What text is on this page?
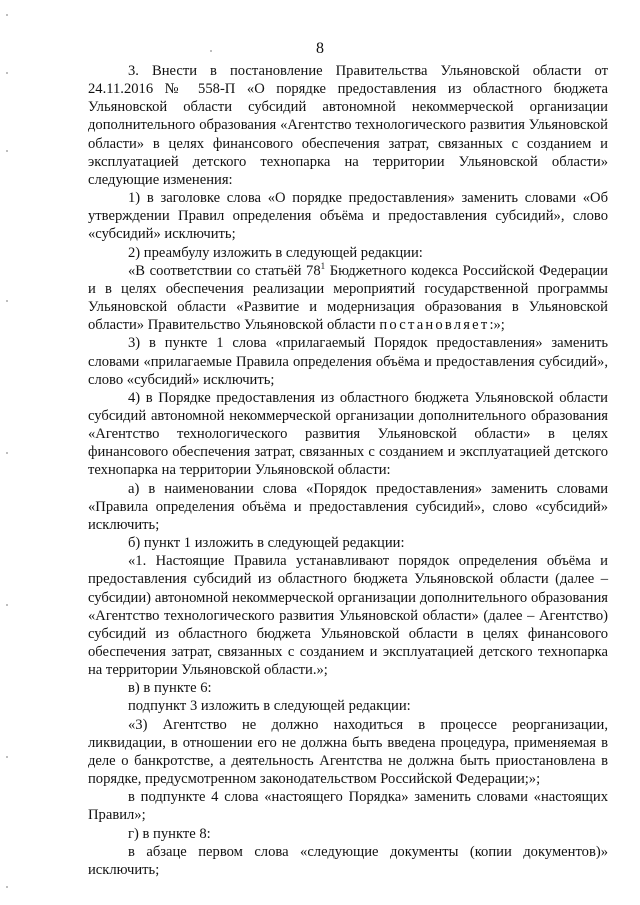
8

3. Внести в постановление Правительства Ульяновской области от 24.11.2016 № 558-П «О порядке предоставления из областного бюджета Ульяновской области субсидий автономной некоммерческой организации дополнительного образования «Агентство технологического развития Ульяновской области» в целях финансового обеспечения затрат, связанных с созданием и эксплуатацией детского технопарка на территории Ульяновской области» следующие изменения:

1) в заголовке слова «О порядке предоставления» заменить словами «Об утверждении Правил определения объёма и предоставления субсидий», слово «субсидий» исключить;

2) преамбулу изложить в следующей редакции:

«В соответствии со статьёй $78^1$ Бюджетного кодекса Российской Федерации и в целях обеспечения реализации мероприятий государственной программы Ульяновской области «Развитие и модернизация образования в Ульяновской области» Правительство Ульяновской области постановляет:»;

3) в пункте 1 слова «прилагаемый Порядок предоставления» заменить словами «прилагаемые Правила определения объёма и предоставления субсидий», слово «субсидий» исключить;

4) в Порядке предоставления из областного бюджета Ульяновской области субсидий автономной некоммерческой организации дополнительного образования «Агентство технологического развития Ульяновской области» в целях финансового обеспечения затрат, связанных с созданием и эксплуатацией детского технопарка на территории Ульяновской области:

а) в наименовании слова «Порядок предоставления» заменить словами «Правила определения объёма и предоставления субсидий», слово «субсидий» исключить;

б) пункт 1 изложить в следующей редакции:

«1. Настоящие Правила устанавливают порядок определения объёма и предоставления субсидий из областного бюджета Ульяновской области (далее – субсидии) автономной некоммерческой организации дополнительного образования «Агентство технологического развития Ульяновской области» (далее – Агентство) субсидий из областного бюджета Ульяновской области в целях финансового обеспечения затрат, связанных с созданием и эксплуатацией детского технопарка на территории Ульяновской области.»;

в) в пункте 6:

подпункт 3 изложить в следующей редакции:

«3) Агентство не должно находиться в процессе реорганизации, ликвидации, в отношении его не должна быть введена процедура, применяемая в деле о банкротстве, а деятельность Агентства не должна быть приостановлена в порядке, предусмотренном законодательством Российской Федерации;»;

в подпункте 4 слова «настоящего Порядка» заменить словами «настоящих Правил»;

г) в пункте 8:

в абзаце первом слова «следующие документы (копии документов)» исключить;
